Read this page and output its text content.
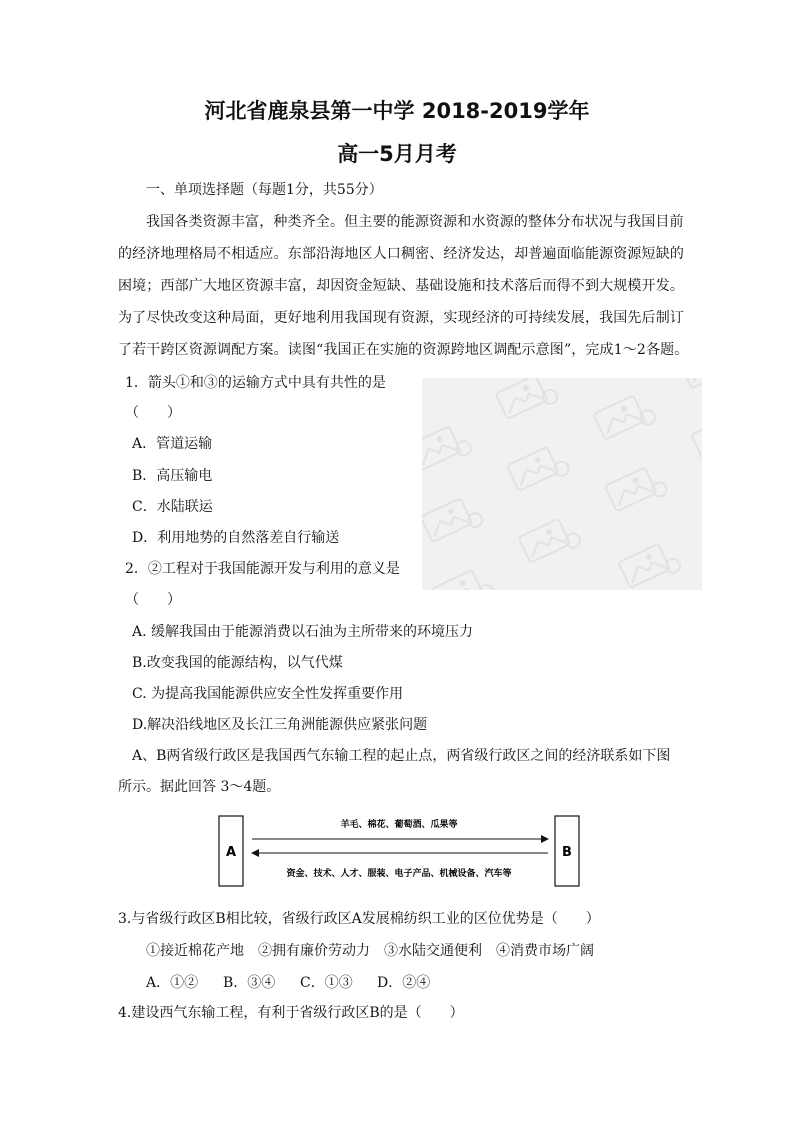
河北省鹿泉县第一中学 2018-2019学年
高一5月月考
一、单项选择题（每题1分，共55分）
我国各类资源丰富，种类齐全。但主要的能源资源和水资源的整体分布状况与我国目前
的经济地理格局不相适应。东部沿海地区人口稠密、经济发达，却普遍面临能源资源短缺的
困境；西部广大地区资源丰富，却因资金短缺、基础设施和技术落后而得不到大规模开发。
为了尽快改变这种局面，更好地利用我国现有资源，实现经济的可持续发展，我国先后制订
了若干跨区资源调配方案。读图“我国正在实施的资源跨地区调配示意图”，完成1～2各题。
1．箭头①和③的运输方式中具有共性的是
（　　）
A．管道运输
B．高压输电
C．水陆联运
D．利用地势的自然落差自行输送
2．②工程对于我国能源开发与利用的意义是
（　　）
A. 缓解我国由于能源消费以石油为主所带来的环境压力
B.改变我国的能源结构，以气代煤
C. 为提高我国能源供应安全性发挥重要作用
D.解决沿线地区及长江三角洲能源供应紧张问题
A、B两省级行政区是我国西气东输工程的起止点，两省级行政区之间的经济联系如下图
所示。据此回答 3～4题。
A	B
羊毛、棉花、葡萄酒、瓜果等
资金、技术、人才、服装、电子产品、机械设备、汽车等
3.与省级行政区B相比较，省级行政区A发展棉纺织工业的区位优势是（　　）
①接近棉花产地　②拥有廉价劳动力　③水陆交通便利　④消费市场广阔
A．①② B．③④ C．①③ D．②④
4.建设西气东输工程，有利于省级行政区B的是（　　）
